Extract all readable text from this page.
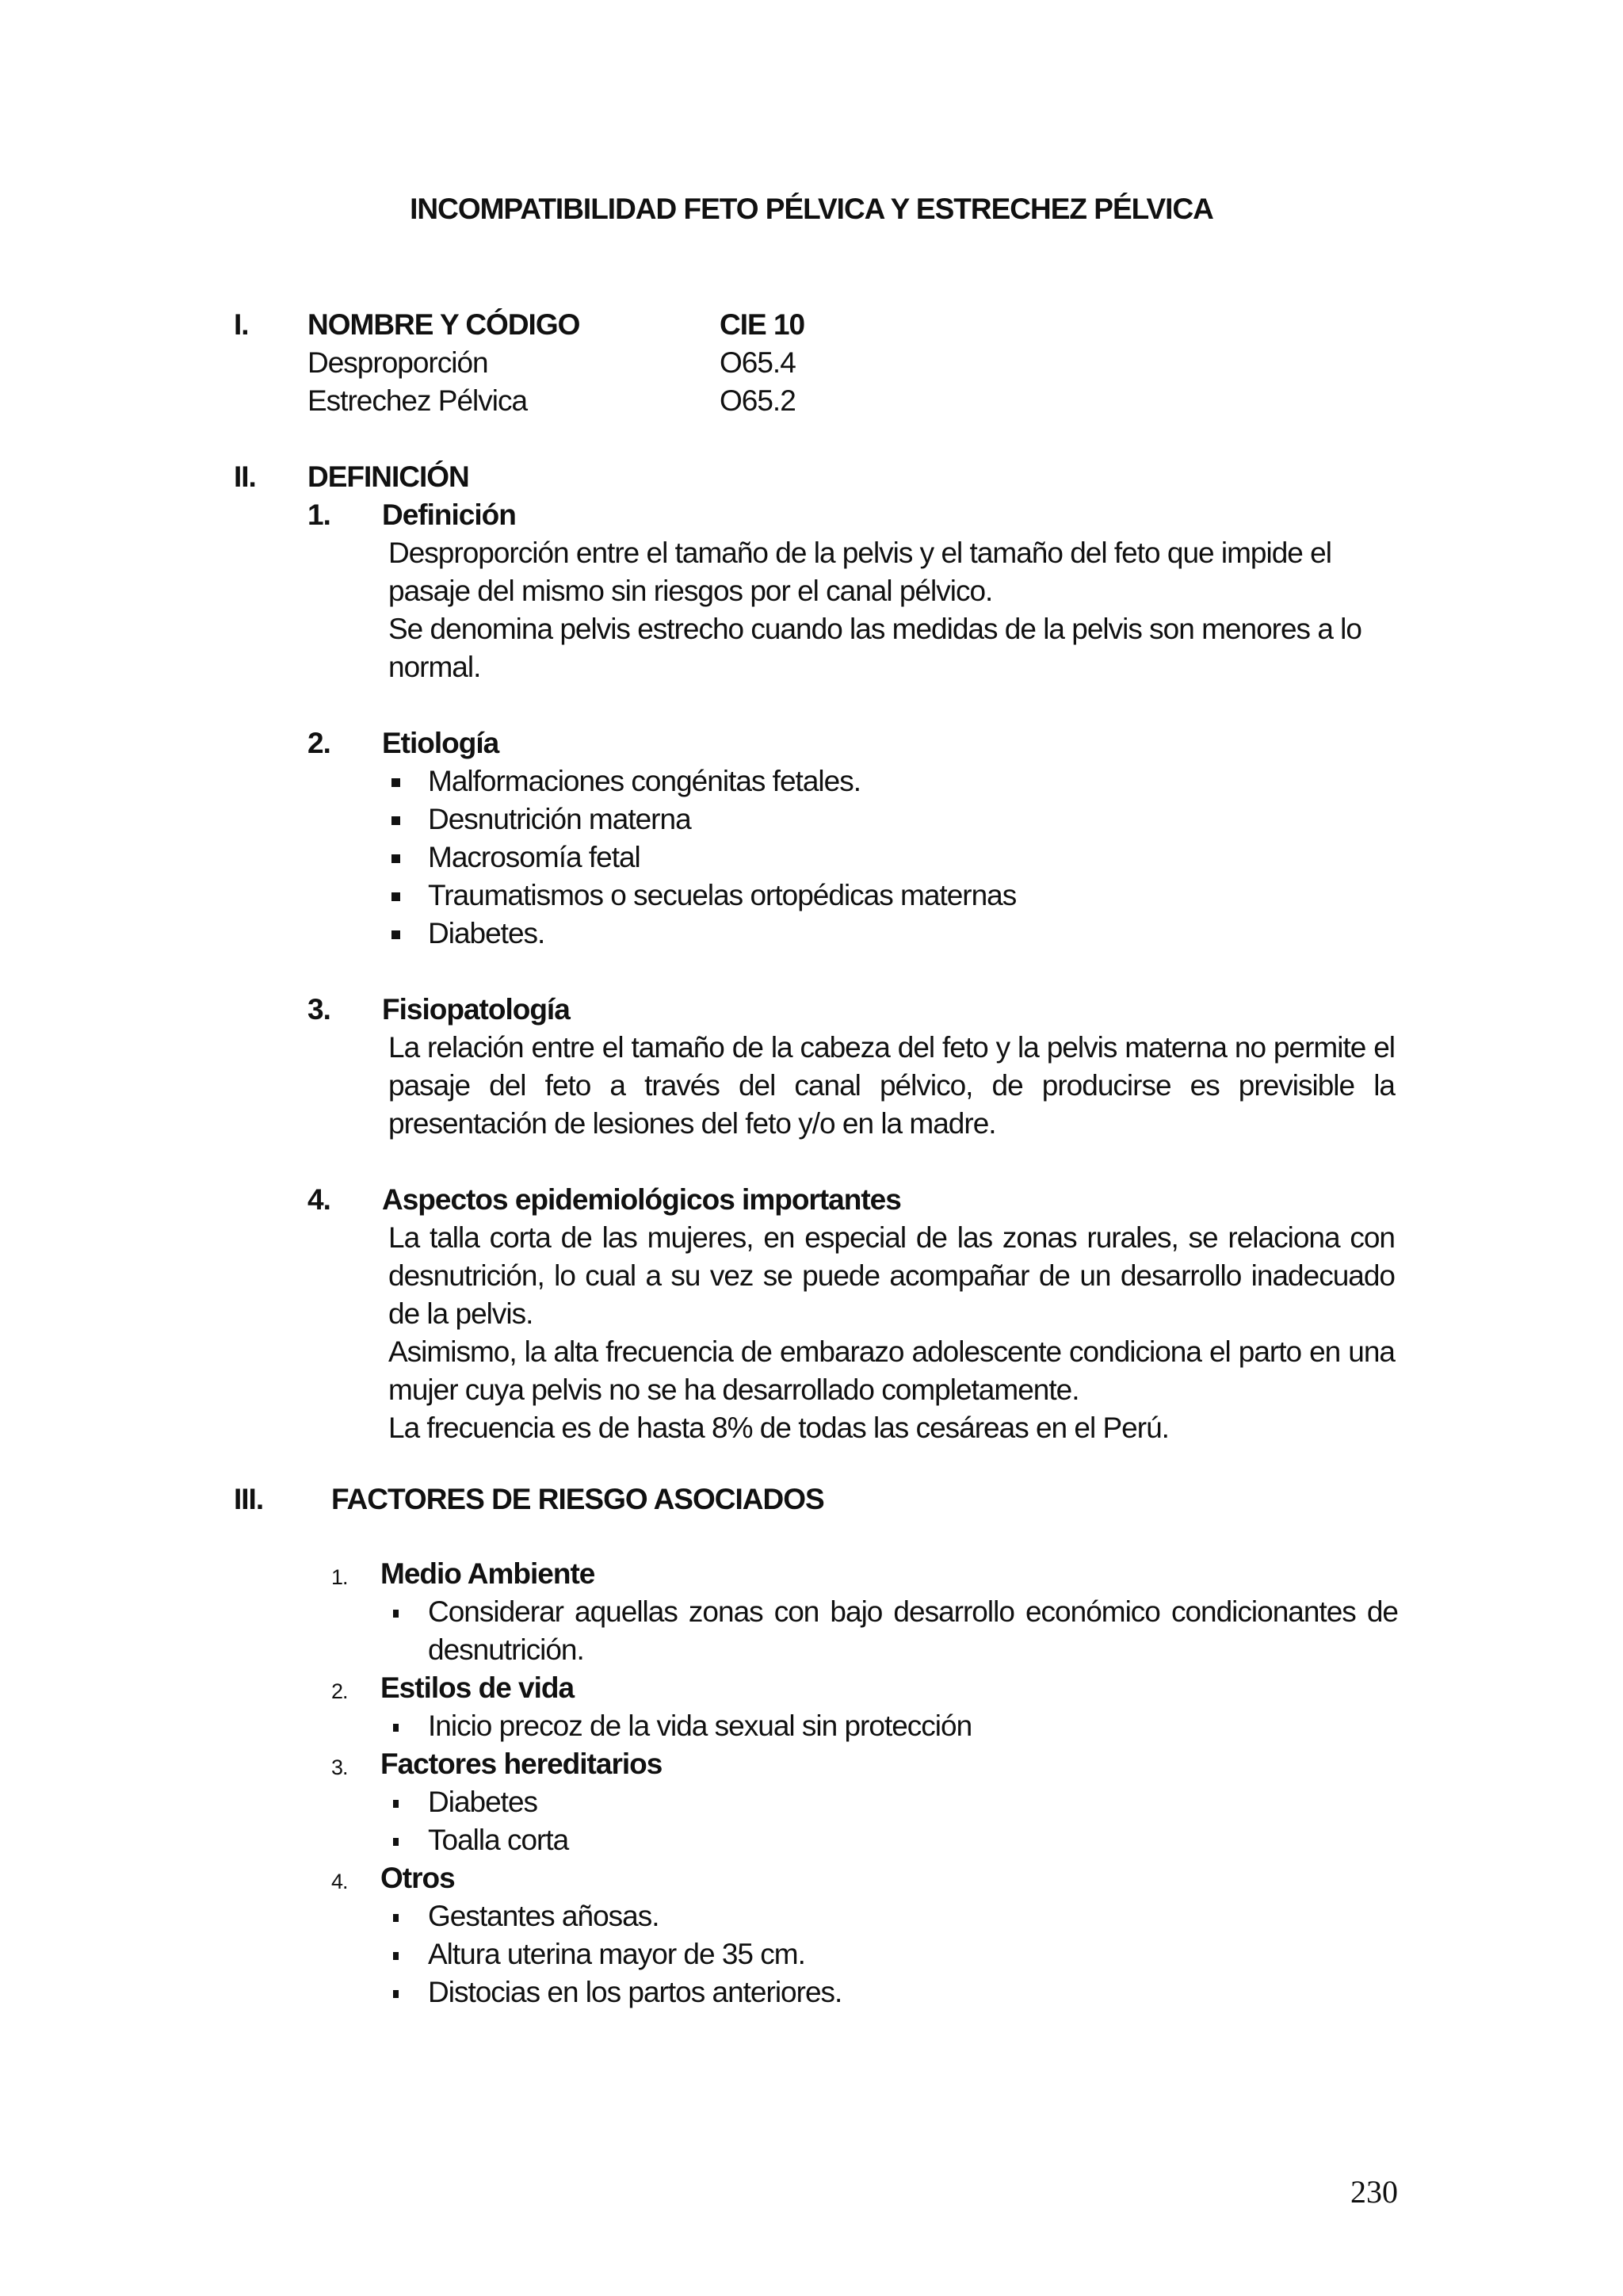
INCOMPATIBILIDAD FETO PÉLVICA Y ESTRECHEZ PÉLVICA
I. NOMBRE Y CÓDIGO	CIE 10
Desproporción	O65.4
Estrechez Pélvica	O65.2
II. DEFINICIÓN
1. Definición
Desproporción entre el tamaño de la pelvis y el tamaño del feto que impide el
pasaje del mismo sin riesgos por el canal pélvico.
Se denomina pelvis estrecho cuando las medidas de la pelvis son menores a lo
normal.
2. Etiología
Malformaciones congénitas fetales.
Desnutrición materna
Macrosomía fetal
Traumatismos o secuelas ortopédicas maternas
Diabetes.
3. Fisiopatología
La relación entre el tamaño de la cabeza del feto y la pelvis materna no permite el pasaje del feto a través del canal pélvico, de producirse es previsible la presentación de lesiones del feto y/o en la madre.
4. Aspectos epidemiológicos importantes
La talla corta de las mujeres, en especial de las zonas rurales, se relaciona con desnutrición, lo cual a su vez se puede acompañar de un desarrollo inadecuado de la pelvis.
Asimismo, la alta frecuencia de embarazo adolescente condiciona el parto en una mujer cuya pelvis no se ha desarrollado completamente.
La frecuencia es de hasta 8% de todas las cesáreas en el Perú.
III. FACTORES DE RIESGO ASOCIADOS
1. Medio Ambiente
Considerar aquellas zonas con bajo desarrollo económico condicionantes de desnutrición.
2. Estilos de vida
Inicio precoz de la vida sexual sin protección
3. Factores hereditarios
Diabetes
Toalla corta
4. Otros
Gestantes añosas.
Altura uterina mayor de 35 cm.
Distocias en los partos anteriores.
230
